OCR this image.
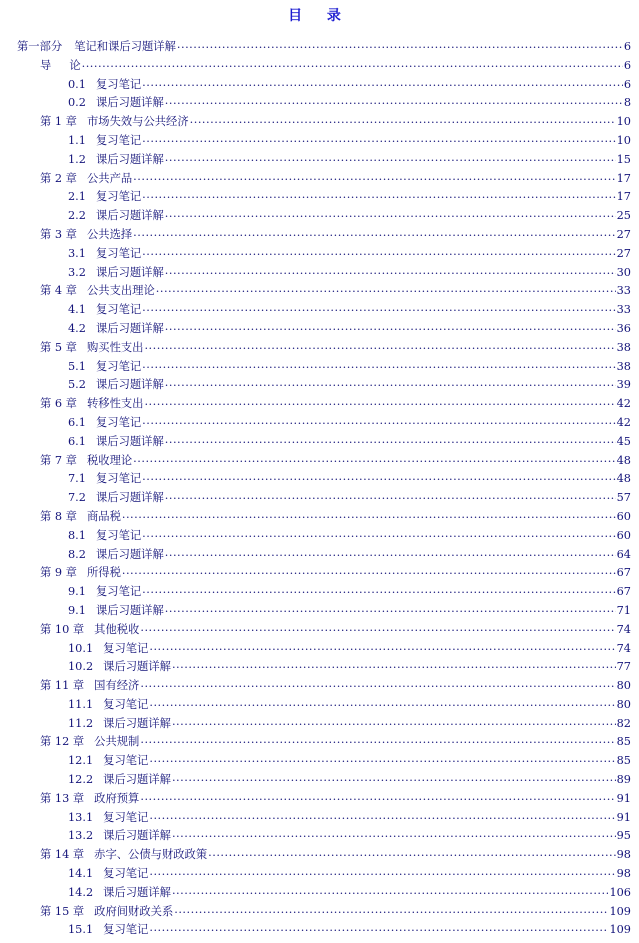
目 录
第一部分 笔记和课后习题详解 .....	6
导 论 .....	6
0.1 复习笔记 .....	6
0.2 课后习题详解 .....	8
第 1 章 市场失效与公共经济 .....	10
1.1 复习笔记 .....	10
1.2 课后习题详解 .....	15
第 2 章 公共产品 .....	17
2.1 复习笔记 .....	17
2.2 课后习题详解 .....	25
第 3 章 公共选择 .....	27
3.1 复习笔记 .....	27
3.2 课后习题详解 .....	30
第 4 章 公共支出理论 .....	33
4.1 复习笔记 .....	33
4.2 课后习题详解 .....	36
第 5 章 购买性支出 .....	38
5.1 复习笔记 .....	38
5.2 课后习题详解 .....	39
第 6 章 转移性支出 .....	42
6.1 复习笔记 .....	42
6.1 课后习题详解 .....	45
第 7 章 税收理论 .....	48
7.1 复习笔记 .....	48
7.2 课后习题详解 .....	57
第 8 章 商品税 .....	60
8.1 复习笔记 .....	60
8.2 课后习题详解 .....	64
第 9 章 所得税 .....	67
9.1 复习笔记 .....	67
9.1 课后习题详解 .....	71
第 10 章 其他税收 .....	74
10.1 复习笔记 .....	74
10.2 课后习题详解 .....	77
第 11 章 国有经济 .....	80
11.1 复习笔记 .....	80
11.2 课后习题详解 .....	82
第 12 章 公共规制 .....	85
12.1 复习笔记 .....	85
12.2 课后习题详解 .....	89
第 13 章 政府预算 .....	91
13.1 复习笔记 .....	91
13.2 课后习题详解 .....	95
第 14 章 赤字、公债与财政政策 .....	98
14.1 复习笔记 .....	98
14.2 课后习题详解 .....	106
第 15 章 政府间财政关系 .....	109
15.1 复习笔记 .....	109
